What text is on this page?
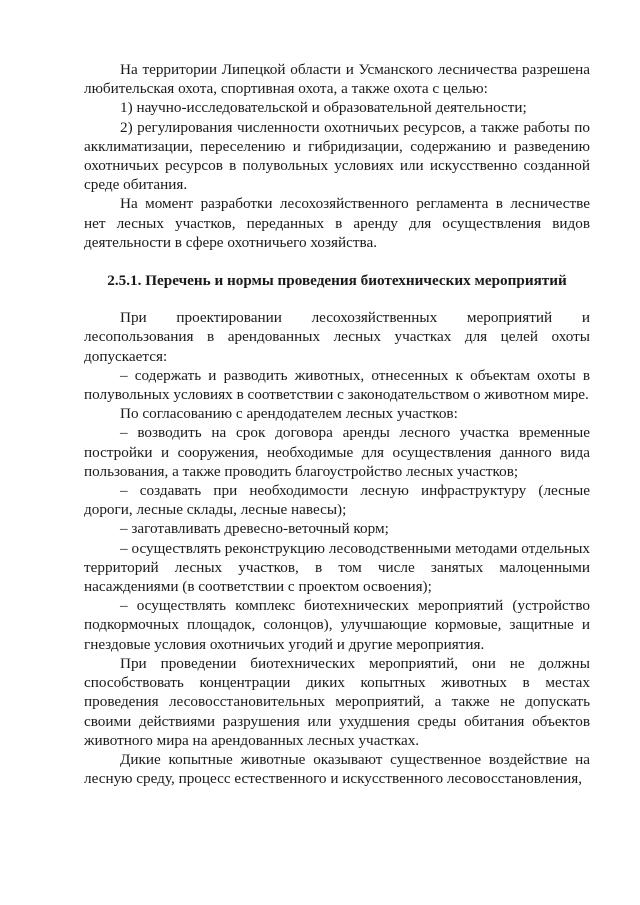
На территории Липецкой области и Усманского лесничества разрешена любительская охота, спортивная охота, а также охота с целью:

1) научно-исследовательской и образовательной деятельности;

2) регулирования численности охотничьих ресурсов, а также работы по акклиматизации, переселению и гибридизации, содержанию и разведению охотничьих ресурсов в полувольных условиях или искусственно созданной среде обитания.

На момент разработки лесохозяйственного регламента в лесничестве нет лесных участков, переданных в аренду для осуществления видов деятельности в сфере охотничьего хозяйства.

2.5.1. Перечень и нормы проведения биотехнических мероприятий

При проектировании лесохозяйственных мероприятий и лесопользования в арендованных лесных участках для целей охоты допускается:

– содержать и разводить животных, отнесенных к объектам охоты в полувольных условиях в соответствии с законодательством о животном мире.

По согласованию с арендодателем лесных участков:

– возводить на срок договора аренды лесного участка временные постройки и сооружения, необходимые для осуществления данного вида пользования, а также проводить благоустройство лесных участков;

– создавать при необходимости лесную инфраструктуру (лесные дороги, лесные склады, лесные навесы);

– заготавливать древесно-веточный корм;

– осуществлять реконструкцию лесоводственными методами отдельных территорий лесных участков, в том числе занятых малоценными насаждениями (в соответствии с проектом освоения);

– осуществлять комплекс биотехнических мероприятий (устройство подкормочных площадок, солонцов), улучшающие кормовые, защитные и гнездовые условия охотничьих угодий и другие мероприятия.

При проведении биотехнических мероприятий, они не должны способствовать концентрации диких копытных животных в местах проведения лесовосстановительных мероприятий, а также не допускать своими действиями разрушения или ухудшения среды обитания объектов животного мира на арендованных лесных участках.

Дикие копытные животные оказывают существенное воздействие на лесную среду, процесс естественного и искусственного лесовосстановления,
